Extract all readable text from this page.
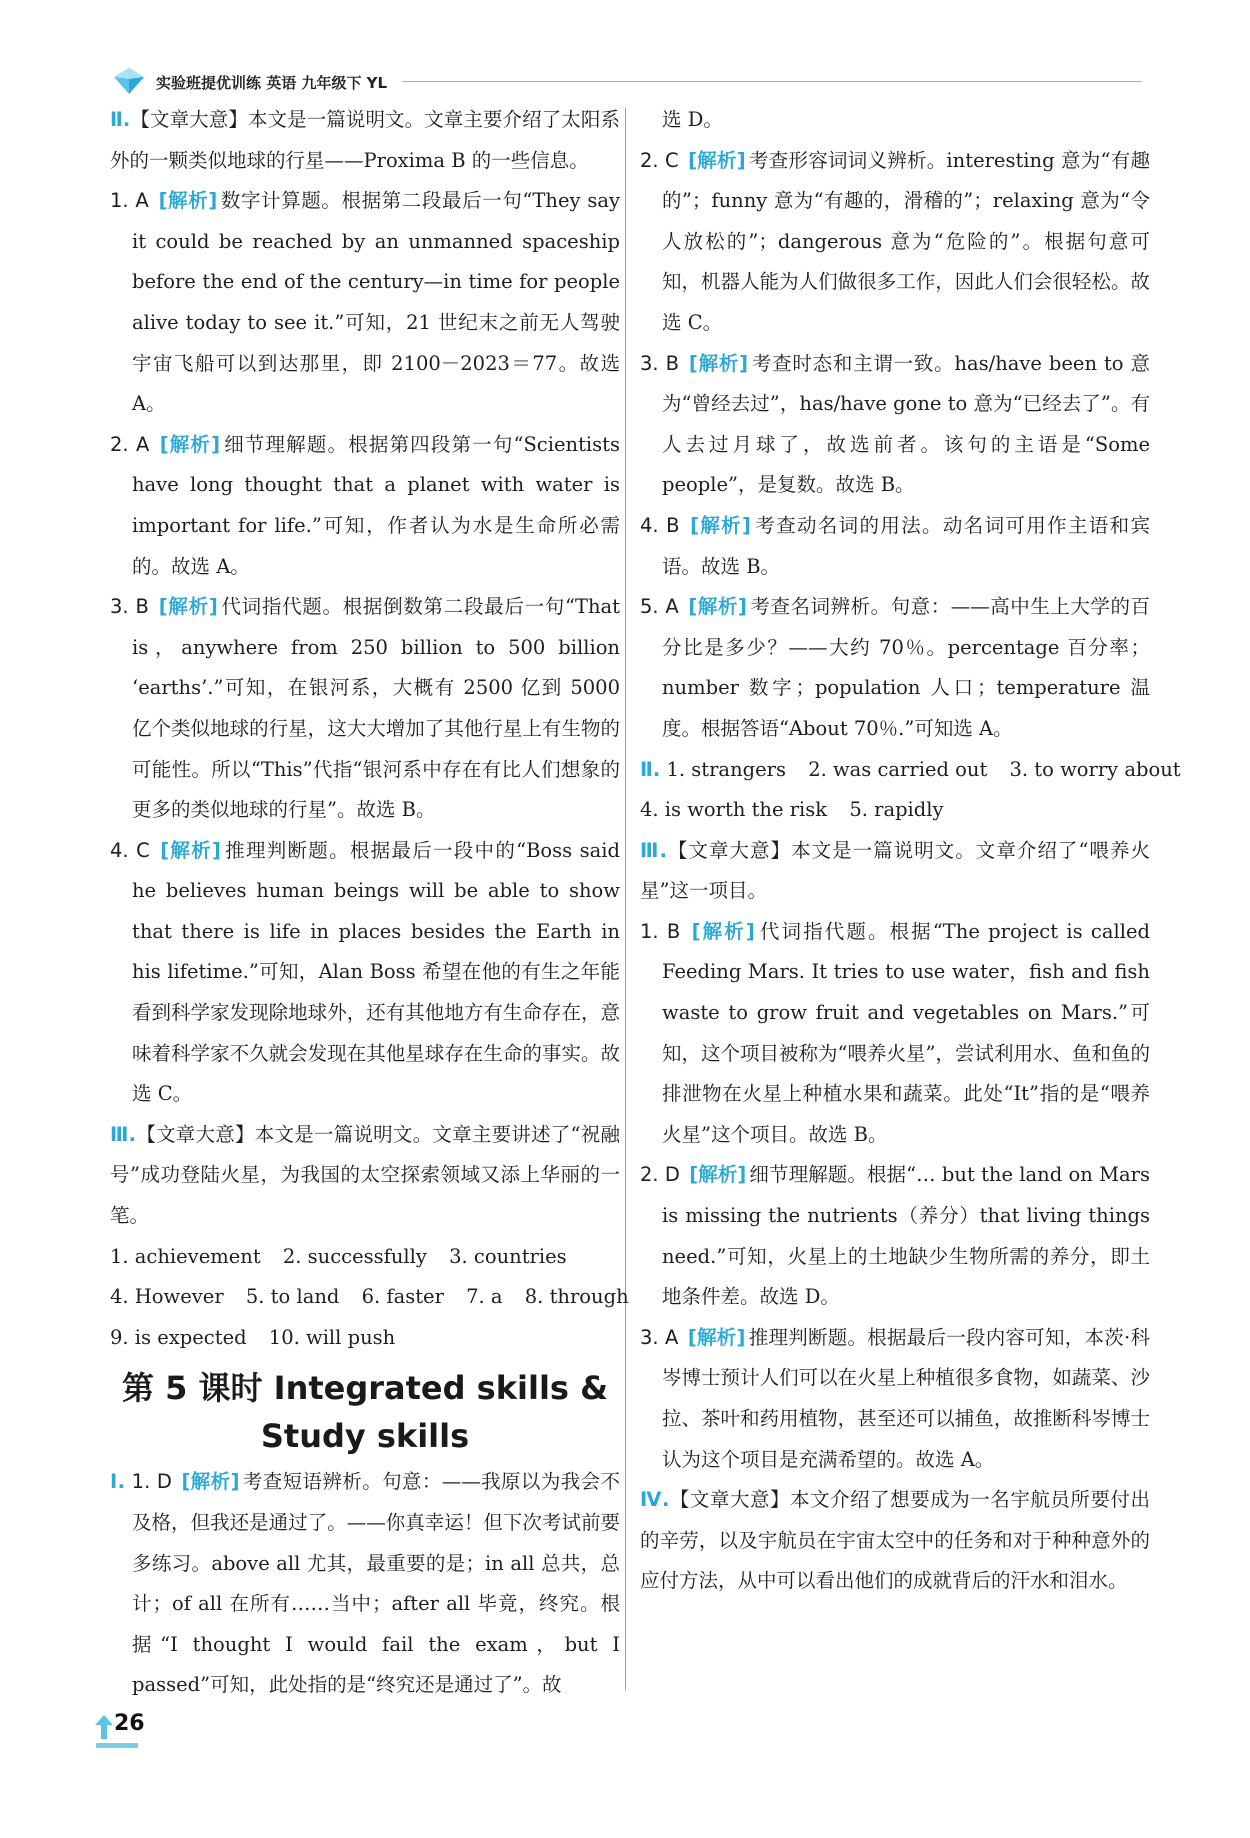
实验班提优训练 英语 九年级下 YL

Ⅱ.【文章大意】本文是一篇说明文。文章主要介绍了太阳系外的一颗类似地球的行星——Proxima B 的一些信息。

1. A [ 解析 ] 数字计算题。根据第二段最后一句“They say it could be reached by an unmanned spaceship before the end of the century—in time for people alive today to see it.”可知，21 世纪末之前无人驾驶宇宙飞船可以到达那里，即 2100－2023＝77。故选 A。

2. A [ 解析 ] 细节理解题。根据第四段第一句“Scientists have long thought that a planet with water is important for life.”可知，作者认为水是生命所必需的。故选 A。

3. B [ 解析 ] 代词指代题。根据倒数第二段最后一句“That is，anywhere from 250 billion to 500 billion ‘earths’.”可知，在银河系，大概有 2500 亿到 5000 亿个类似地球的行星，这大大增加了其他行星上有生物的可能性。所以“This”代指“银河系中存在有比人们想象的更多的类似地球的行星”。故选 B。

4. C [ 解析 ] 推理判断题。根据最后一段中的“Boss said he believes human beings will be able to show that there is life in places besides the Earth in his lifetime.”可知，Alan Boss 希望在他的有生之年能看到科学家发现除地球外，还有其他地方有生命存在，意味着科学家不久就会发现在其他星球存在生命的事实。故选 C。

Ⅲ.【文章大意】本文是一篇说明文。文章主要讲述了“祝融号”成功登陆火星，为我国的太空探索领域又添上华丽的一笔。

1. achievement 2. successfully 3. countries

4. However 5. to land 6. faster 7. a 8. through

9. is expected 10. will push

第 5 课时 Integrated skills &
Study skills

Ⅰ. 1. D [ 解析 ] 考查短语辨析。句意：——我原以为我会不及格，但我还是通过了。——你真幸运！但下次考试前要多练习。above all 尤其，最重要的是；in all 总共，总计；of all 在所有……当中；after all 毕竟，终究。根据“I thought I would fail the exam，but I passed”可知，此处指的是“终究还是通过了”。故

选 D。

2. C [ 解析 ] 考查形容词词义辨析。interesting 意为“有趣的”；funny 意为“有趣的，滑稽的”；relaxing 意为“令人放松的”；dangerous 意为“危险的”。根据句意可知，机器人能为人们做很多工作，因此人们会很轻松。故选 C。

3. B [ 解析 ] 考查时态和主谓一致。has/have been to 意为“曾经去过”，has/have gone to 意为“已经去了”。有人去过月球了，故选前者。该句的主语是“Some people”，是复数。故选 B。

4. B [ 解析 ] 考查动名词的用法。动名词可用作主语和宾语。故选 B。

5. A [ 解析 ] 考查名词辨析。句意：——高中生上大学的百分比是多少？——大约 70％。percentage 百分率；number 数字；population 人口；temperature 温度。根据答语“About 70％.”可知选 A。

Ⅱ. 1. strangers 2. was carried out 3. to worry about

4. is worth the risk 5. rapidly

Ⅲ.【文章大意】本文是一篇说明文。文章介绍了“喂养火星”这一项目。

1. B [ 解析 ] 代词指代题。根据“The project is called Feeding Mars. It tries to use water，fish and fish waste to grow fruit and vegetables on Mars.”可知，这个项目被称为“喂养火星”，尝试利用水、鱼和鱼的排泄物在火星上种植水果和蔬菜。此处“It”指的是“喂养火星”这个项目。故选 B。

2. D [ 解析 ] 细节理解题。根据“… but the land on Mars is missing the nutrients（养分）that living things need.”可知，火星上的土地缺少生物所需的养分，即土地条件差。故选 D。

3. A [ 解析 ] 推理判断题。根据最后一段内容可知，本茨·科岑博士预计人们可以在火星上种植很多食物，如蔬菜、沙拉、茶叶和药用植物，甚至还可以捕鱼，故推断科岑博士认为这个项目是充满希望的。故选 A。

Ⅳ.【文章大意】本文介绍了想要成为一名宇航员所要付出的辛劳，以及宇航员在宇宙太空中的任务和对于种种意外的应付方法，从中可以看出他们的成就背后的汗水和泪水。

26
